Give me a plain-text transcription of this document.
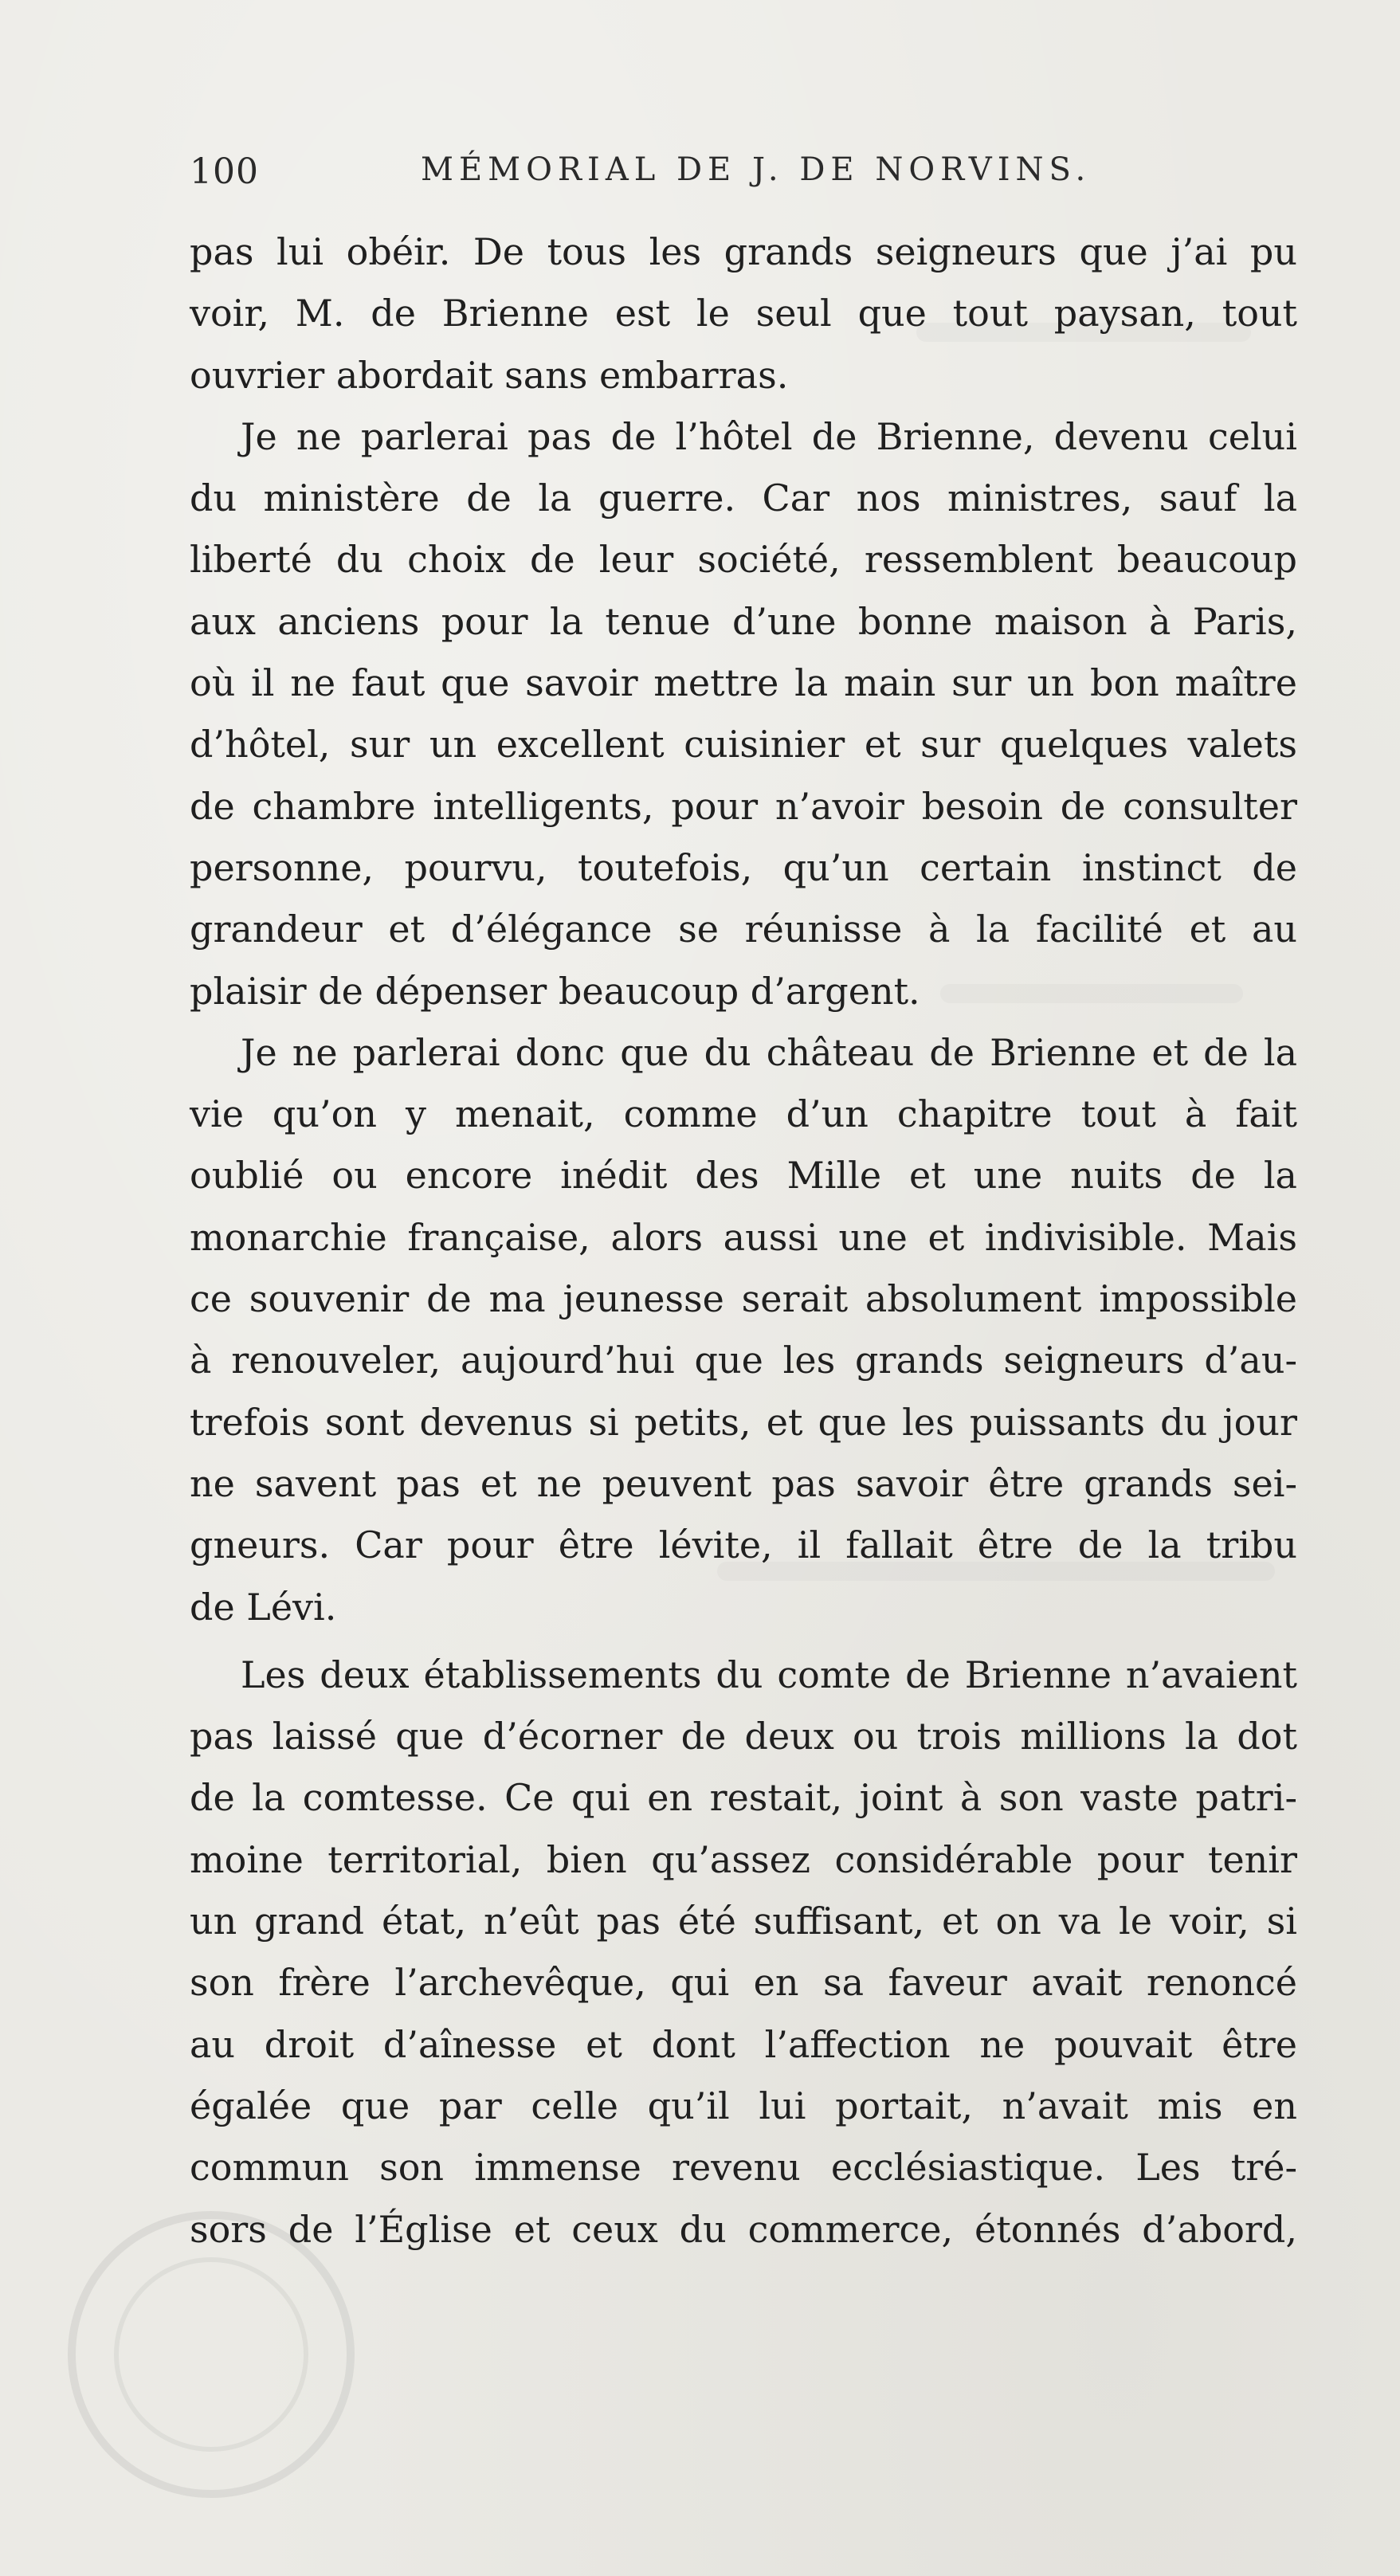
100	MÉMORIAL DE J. DE NORVINS.
pas lui obéir. De tous les grands seigneurs que j’ai pu
voir, M. de Brienne est le seul que tout paysan, tout
ouvrier abordait sans embarras.
Je ne parlerai pas de l’hôtel de Brienne, devenu celui
du ministère de la guerre. Car nos ministres, sauf la
liberté du choix de leur société, ressemblent beaucoup
aux anciens pour la tenue d’une bonne maison à Paris,
où il ne faut que savoir mettre la main sur un bon maître
d’hôtel, sur un excellent cuisinier et sur quelques valets
de chambre intelligents, pour n’avoir besoin de consulter
personne, pourvu, toutefois, qu’un certain instinct de
grandeur et d’élégance se réunisse à la facilité et au
plaisir de dépenser beaucoup d’argent.
Je ne parlerai donc que du château de Brienne et de la
vie qu’on y menait, comme d’un chapitre tout à fait
oublié ou encore inédit des Mille et une nuits de la
monarchie française, alors aussi une et indivisible. Mais
ce souvenir de ma jeunesse serait absolument impossible
à renouveler, aujourd’hui que les grands seigneurs d’au-
trefois sont devenus si petits, et que les puissants du jour
ne savent pas et ne peuvent pas savoir être grands sei-
gneurs. Car pour être lévite, il fallait être de la tribu
de Lévi.
Les deux établissements du comte de Brienne n’avaient
pas laissé que d’écorner de deux ou trois millions la dot
de la comtesse. Ce qui en restait, joint à son vaste patri-
moine territorial, bien qu’assez considérable pour tenir
un grand état, n’eût pas été suffisant, et on va le voir, si
son frère l’archevêque, qui en sa faveur avait renoncé
au droit d’aînesse et dont l’affection ne pouvait être
égalée que par celle qu’il lui portait, n’avait mis en
commun son immense revenu ecclésiastique. Les tré-
sors de l’Église et ceux du commerce, étonnés d’abord,
